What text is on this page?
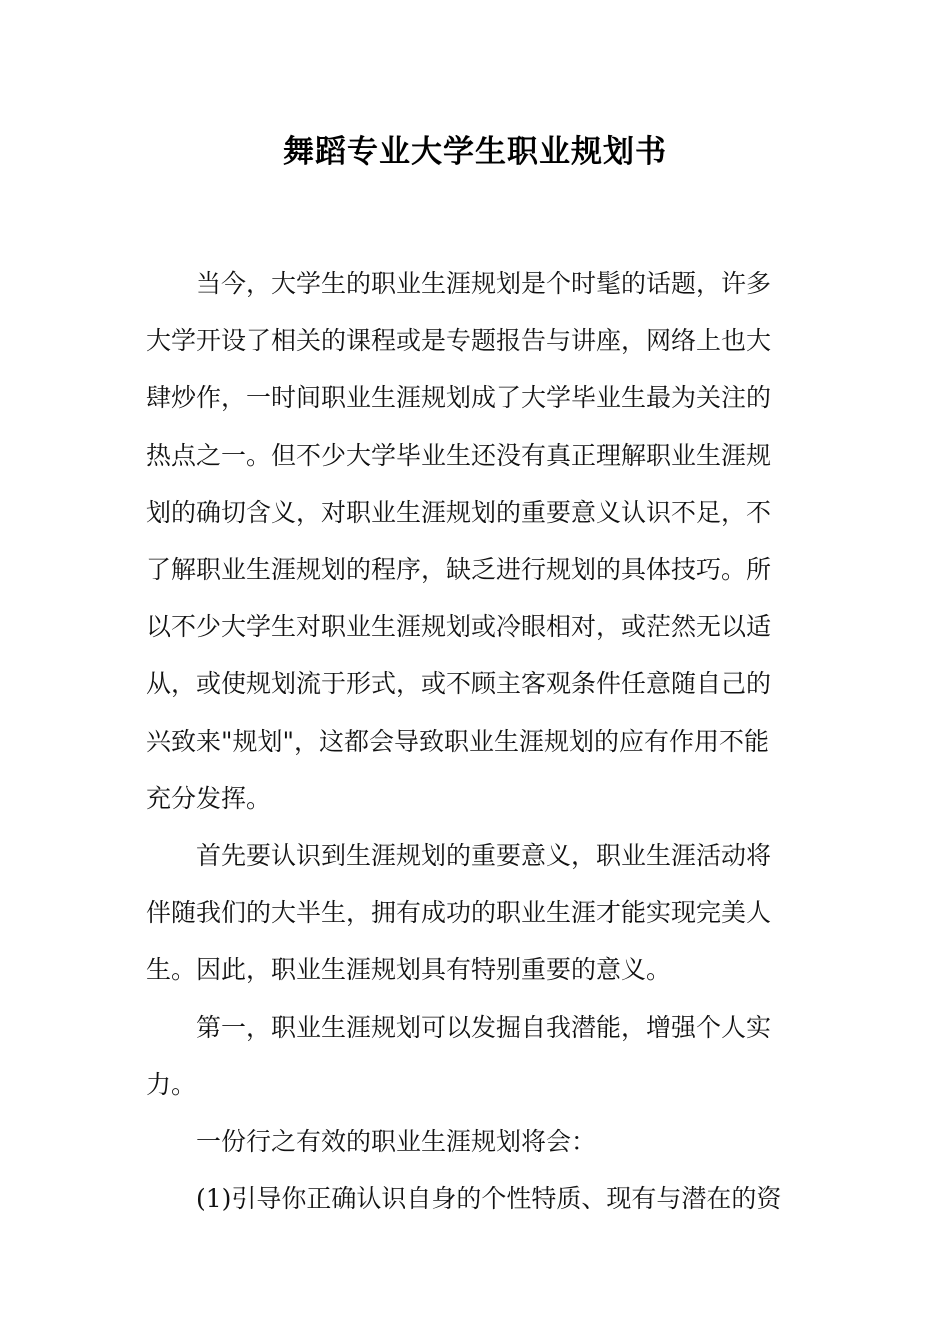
舞蹈专业大学生职业规划书
当今，大学生的职业生涯规划是个时髦的话题，许多
大学开设了相关的课程或是专题报告与讲座，网络上也大
肆炒作，一时间职业生涯规划成了大学毕业生最为关注的
热点之一。但不少大学毕业生还没有真正理解职业生涯规
划的确切含义，对职业生涯规划的重要意义认识不足，不
了解职业生涯规划的程序，缺乏进行规划的具体技巧。所
以不少大学生对职业生涯规划或冷眼相对，或茫然无以适
从，或使规划流于形式，或不顾主客观条件任意随自己的
兴致来"规划"，这都会导致职业生涯规划的应有作用不能
充分发挥。
首先要认识到生涯规划的重要意义，职业生涯活动将
伴随我们的大半生，拥有成功的职业生涯才能实现完美人
生。因此，职业生涯规划具有特别重要的意义。
第一，职业生涯规划可以发掘自我潜能，增强个人实
力。
一份行之有效的职业生涯规划将会：
(1)引导你正确认识自身的个性特质、现有与潜在的资
